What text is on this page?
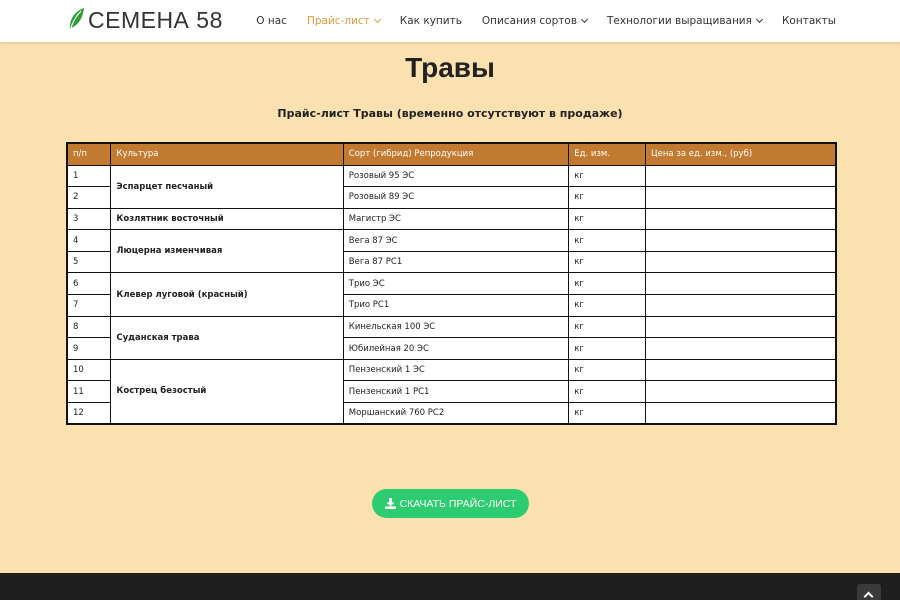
СЕМЕНА 58	О нас Прайс-лист	Как купить Описания сортов	Технологии выращивания	Контакты
Травы
Прайс-лист Травы (временно отсутствуют в продаже)
п/п	Культура	Сорт (гибрид) Репродукция	Ед. изм.	Цена за ед. изм., (руб)
1	Эспарцет песчаный	Розовый 95 ЭС	кг	
2		Розовый 89 ЭС	кг	
3	Козлятник восточный	Магистр ЭС	кг	
4	Люцерна изменчивая	Вега 87 ЭС	кг	
5		Вега 87 РС1	кг	
6	Клевер луговой (красный)	Трио ЭС	кг	
7		Трио РС1	кг	
8	Суданская трава	Кинельская 100 ЭС	кг	
9		Юбилейная 20 ЭС	кг	
10	Кострец безостый	Пензенский 1 ЭС	кг	
11		Пензенский 1 РС1	кг	
12		Моршанский 760 РС2	кг	
СКАЧАТЬ ПРАЙС-ЛИСТ
